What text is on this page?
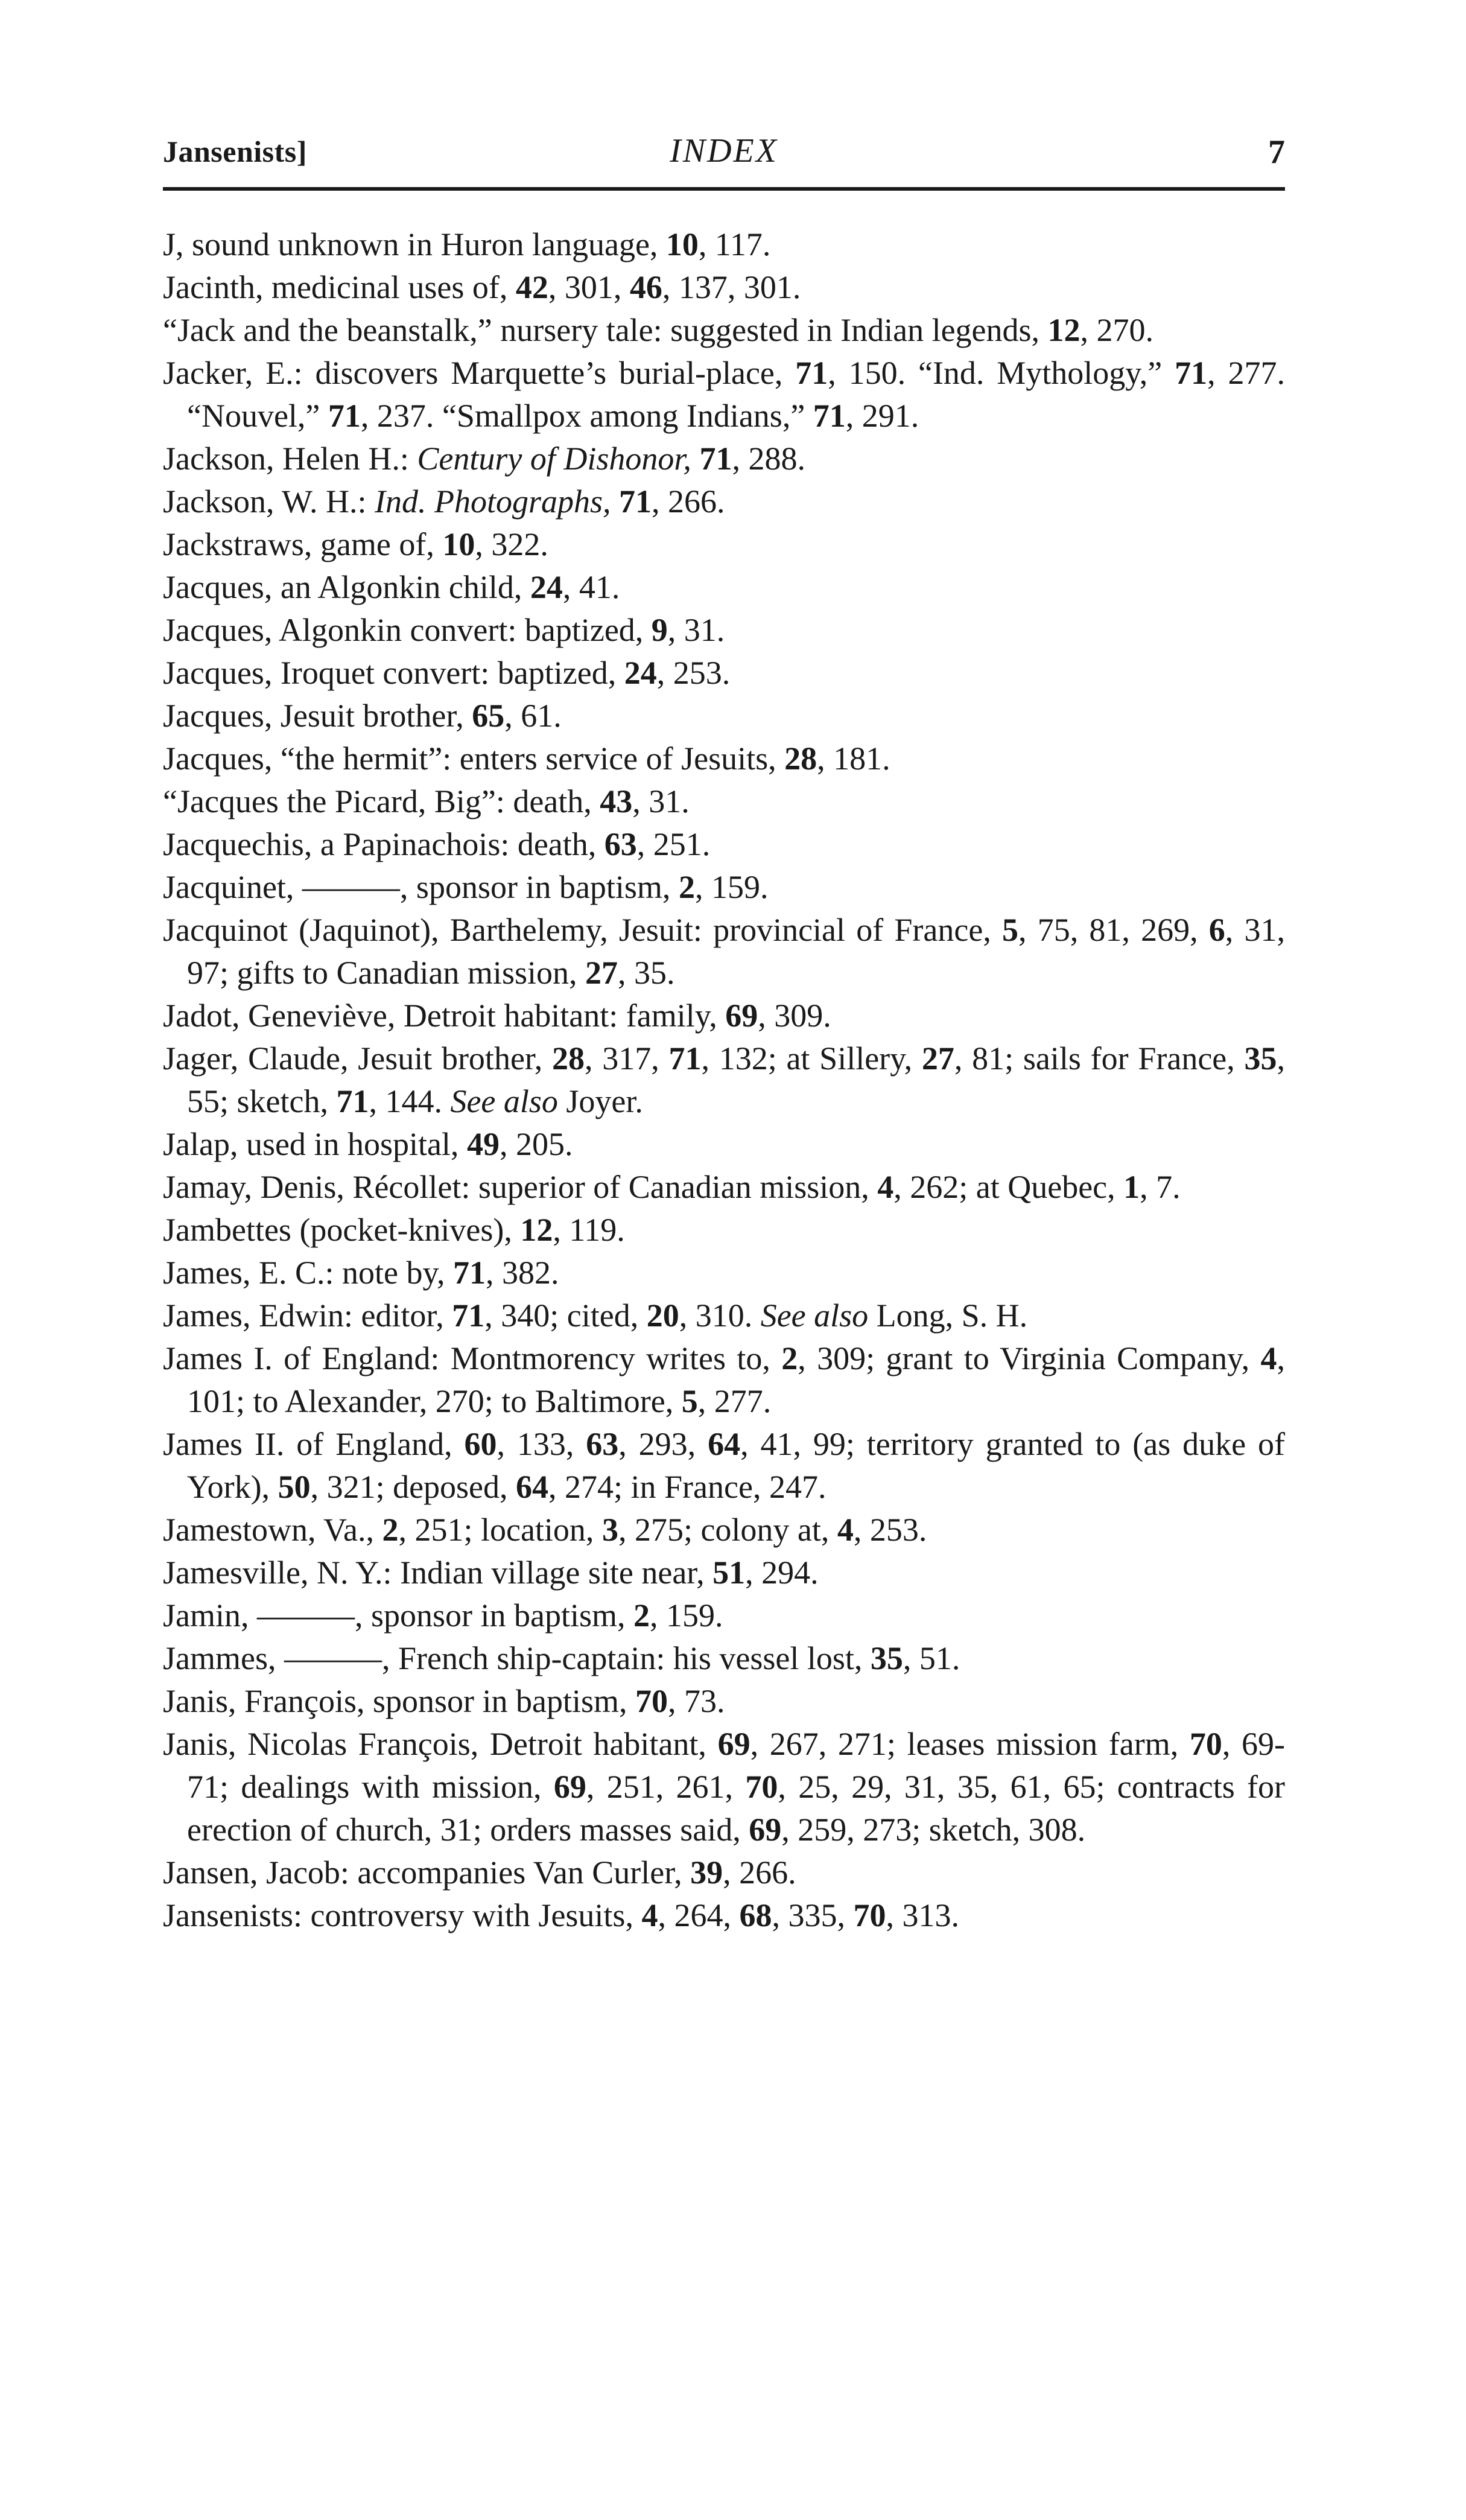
Jansenists]	INDEX	7
J, sound unknown in Huron language, 10, 117.
Jacinth, medicinal uses of, 42, 301, 46, 137, 301.
“Jack and the beanstalk,” nursery tale: suggested in Indian legends, 12, 270.
Jacker, E.: discovers Marquette’s burial-place, 71, 150. “Ind. Mythology,” 71, 277. “Nouvel,” 71, 237. “Smallpox among Indians,” 71, 291.
Jackson, Helen H.: Century of Dishonor, 71, 288.
Jackson, W. H.: Ind. Photographs, 71, 266.
Jackstraws, game of, 10, 322.
Jacques, an Algonkin child, 24, 41.
Jacques, Algonkin convert: baptized, 9, 31.
Jacques, Iroquet convert: baptized, 24, 253.
Jacques, Jesuit brother, 65, 61.
Jacques, “the hermit”: enters service of Jesuits, 28, 181.
“Jacques the Picard, Big”: death, 43, 31.
Jacquechis, a Papinachois: death, 63, 251.
Jacquinet, ———, sponsor in baptism, 2, 159.
Jacquinot (Jaquinot), Barthelemy, Jesuit: provincial of France, 5, 75, 81, 269, 6, 31, 97; gifts to Canadian mission, 27, 35.
Jadot, Geneviève, Detroit habitant: family, 69, 309.
Jager, Claude, Jesuit brother, 28, 317, 71, 132; at Sillery, 27, 81; sails for France, 35, 55; sketch, 71, 144. See also Joyer.
Jalap, used in hospital, 49, 205.
Jamay, Denis, Récollet: superior of Canadian mission, 4, 262; at Quebec, 1, 7.
Jambettes (pocket-knives), 12, 119.
James, E. C.: note by, 71, 382.
James, Edwin: editor, 71, 340; cited, 20, 310. See also Long, S. H.
James I. of England: Montmorency writes to, 2, 309; grant to Virginia Company, 4, 101; to Alexander, 270; to Baltimore, 5, 277.
James II. of England, 60, 133, 63, 293, 64, 41, 99; territory granted to (as duke of York), 50, 321; deposed, 64, 274; in France, 247.
Jamestown, Va., 2, 251; location, 3, 275; colony at, 4, 253.
Jamesville, N. Y.: Indian village site near, 51, 294.
Jamin, ———, sponsor in baptism, 2, 159.
Jammes, ———, French ship-captain: his vessel lost, 35, 51.
Janis, François, sponsor in baptism, 70, 73.
Janis, Nicolas François, Detroit habitant, 69, 267, 271; leases mission farm, 70, 69-71; dealings with mission, 69, 251, 261, 70, 25, 29, 31, 35, 61, 65; contracts for erection of church, 31; orders masses said, 69, 259, 273; sketch, 308.
Jansen, Jacob: accompanies Van Curler, 39, 266.
Jansenists: controversy with Jesuits, 4, 264, 68, 335, 70, 313.
